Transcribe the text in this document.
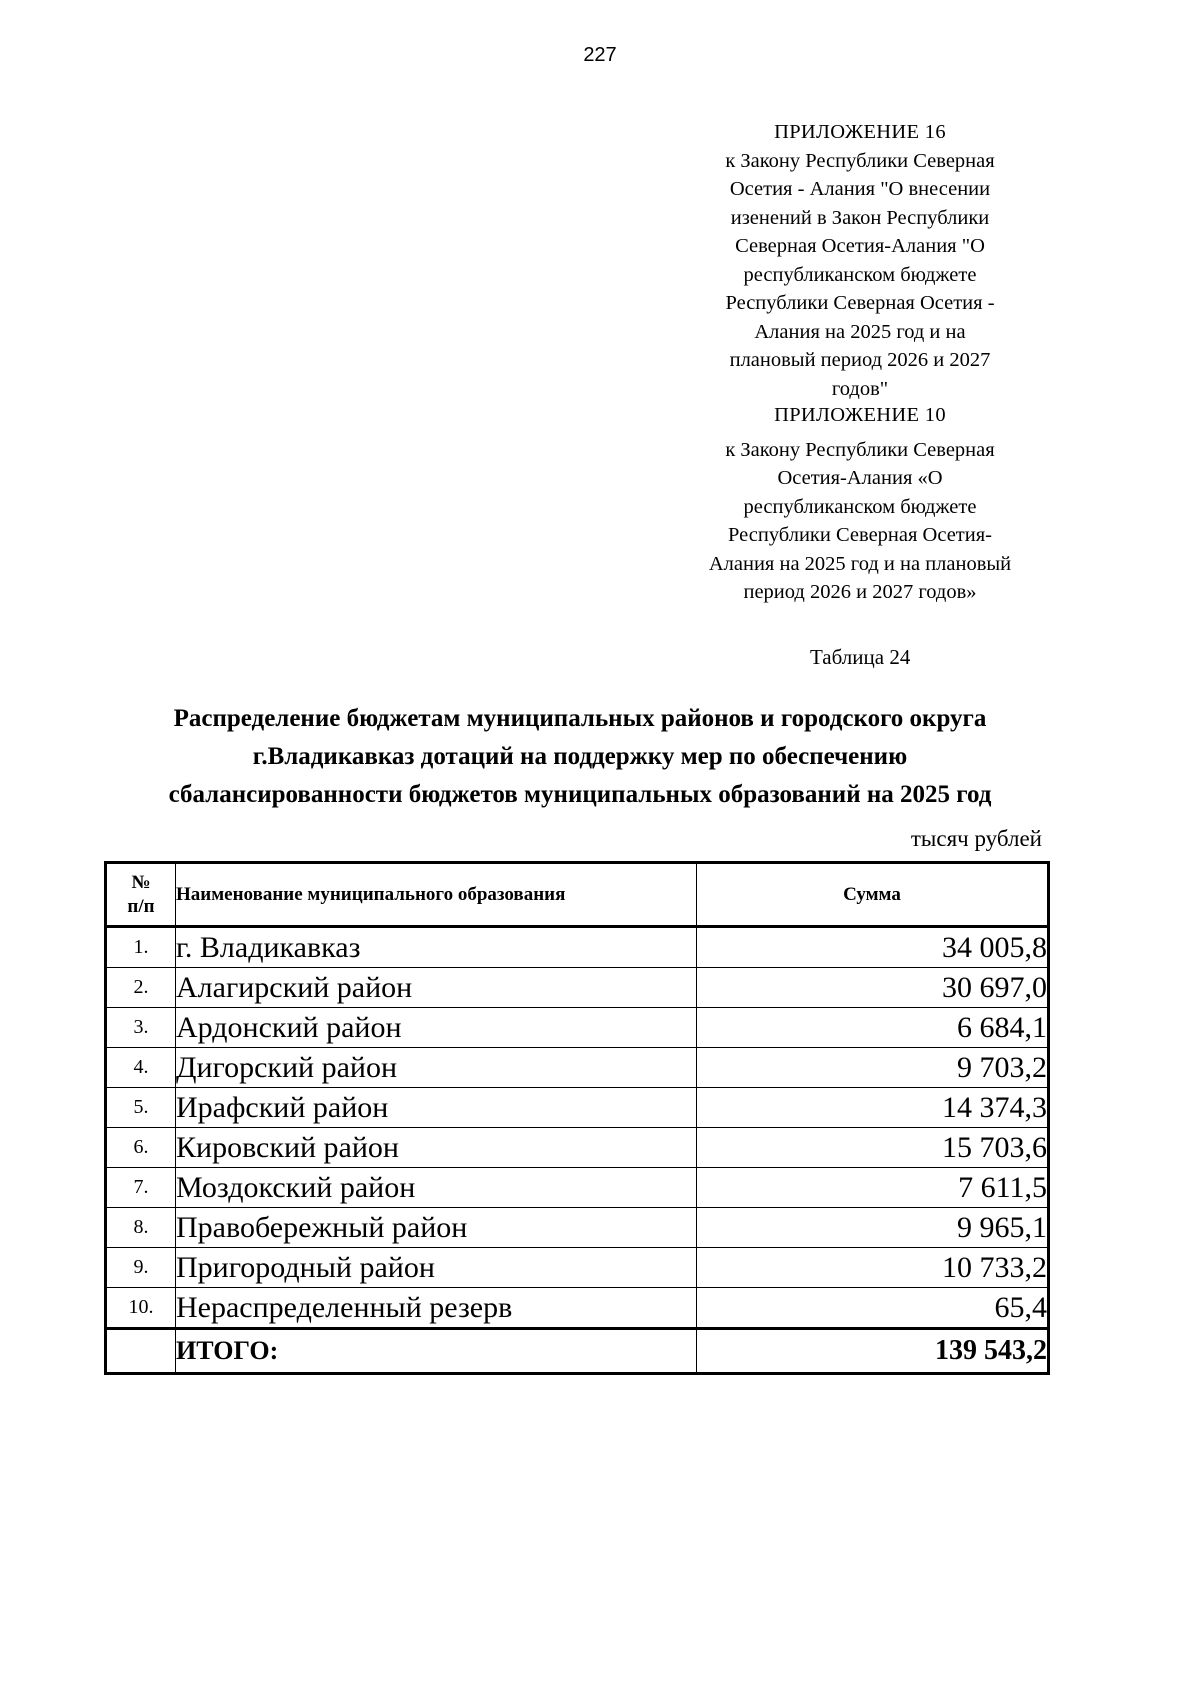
227
ПРИЛОЖЕНИЕ 16
к Закону Республики Северная
Осетия - Алания "О внесении
изенений в Закон Республики
Северная Осетия-Алания "О
республиканском бюджете
Республики Северная Осетия -
Алания на 2025 год и на
плановый период 2026 и 2027
годов"
ПРИЛОЖЕНИЕ 10
к Закону Республики Северная
Осетия-Алания «О
республиканском бюджете
Республики Северная Осетия-
Алания на 2025 год и на плановый
период 2026 и 2027 годов»
Таблица 24
Распределение бюджетам муниципальных районов и городского округа
г.Владикавказ дотаций на поддержку мер по обеспечению
сбалансированности бюджетов муниципальных образований на 2025 год
тысяч рублей
№
п/п	Наименование муниципального образования	Сумма
1.	г. Владикавказ	34 005,8
2.	Алагирский район	30 697,0
3.	Ардонский район	6 684,1
4.	Дигорский район	9 703,2
5.	Ирафский район	14 374,3
6.	Кировский район	15 703,6
7.	Моздокский район	7 611,5
8.	Правобережный район	9 965,1
9.	Пригородный район	10 733,2
10.	Нераспределенный резерв	65,4
	ИТОГО:	139 543,2
